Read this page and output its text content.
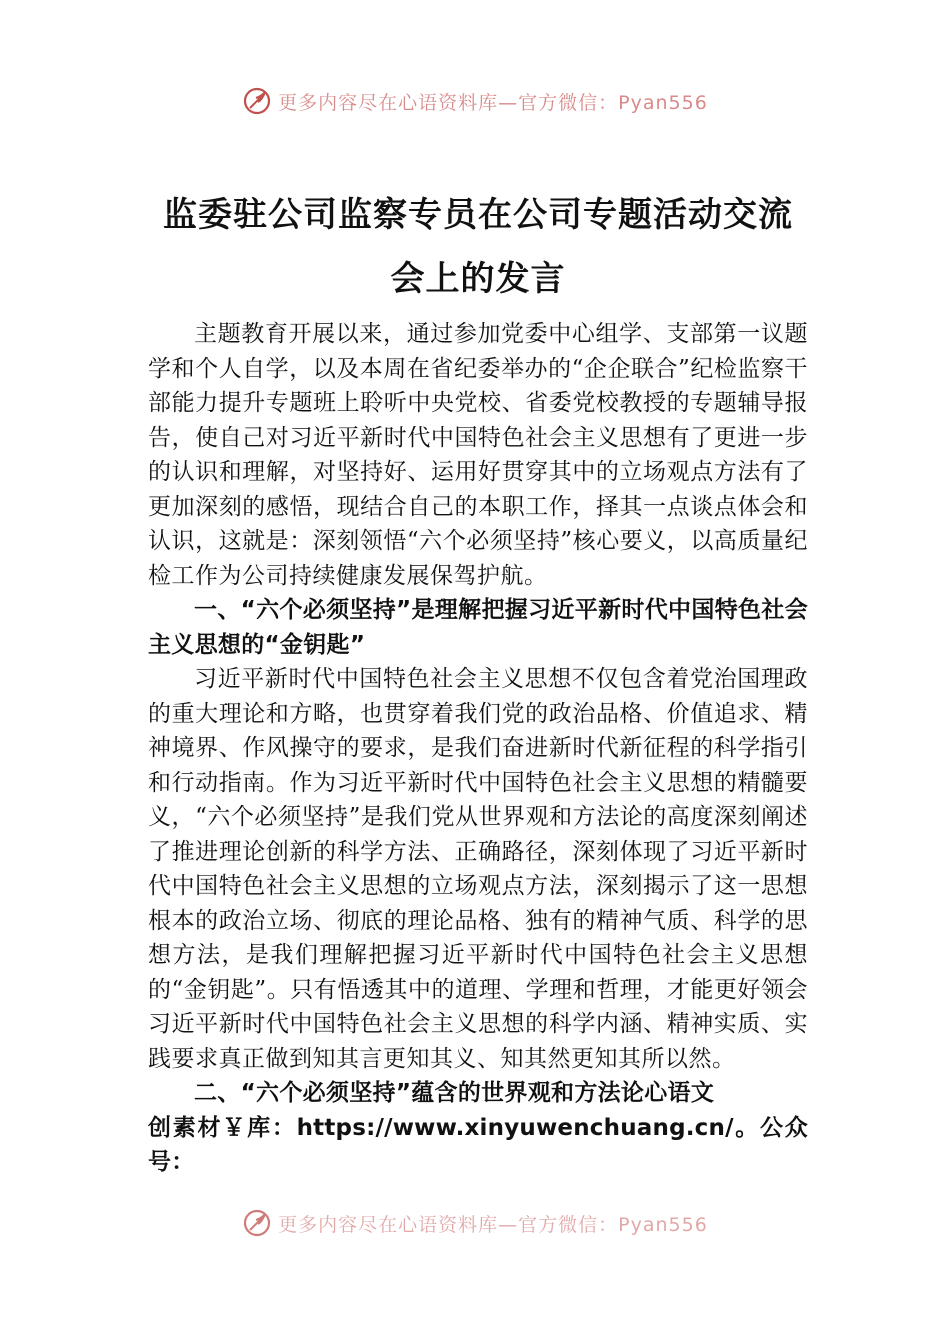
更多内容尽在心语资料库—官方微信：Pyan556
监委驻公司监察专员在公司专题活动交流
会上的发言

主题教育开展以来，通过参加党委中心组学、支部第一议题学和个人自学，以及本周在省纪委举办的“企企联合”纪检监察干部能力提升专题班上聆听中央党校、省委党校教授的专题辅导报告，使自己对习近平新时代中国特色社会主义思想有了更进一步的认识和理解，对坚持好、运用好贯穿其中的立场观点方法有了更加深刻的感悟，现结合自己的本职工作，择其一点谈点体会和认识，这就是：深刻领悟“六个必须坚持”核心要义，以高质量纪检工作为公司持续健康发展保驾护航。

一、“六个必须坚持”是理解把握习近平新时代中国特色社会主义思想的“金钥匙”

习近平新时代中国特色社会主义思想不仅包含着党治国理政的重大理论和方略，也贯穿着我们党的政治品格、价值追求、精神境界、作风操守的要求，是我们奋进新时代新征程的科学指引和行动指南。作为习近平新时代中国特色社会主义思想的精髓要义，“六个必须坚持”是我们党从世界观和方法论的高度深刻阐述了推进理论创新的科学方法、正确路径，深刻体现了习近平新时代中国特色社会主义思想的立场观点方法，深刻揭示了这一思想根本的政治立场、彻底的理论品格、独有的精神气质、科学的思想方法，是我们理解把握习近平新时代中国特色社会主义思想的“金钥匙”。只有悟透其中的道理、学理和哲理，才能更好领会习近平新时代中国特色社会主义思想的科学内涵、精神实质、实践要求真正做到知其言更知其义、知其然更知其所以然。

二、“六个必须坚持”蕴含的世界观和方法论心语文

创素材￥库：https://www.xinyuwenchuang.cn/。公众号：

更多内容尽在心语资料库—官方微信：Pyan556
